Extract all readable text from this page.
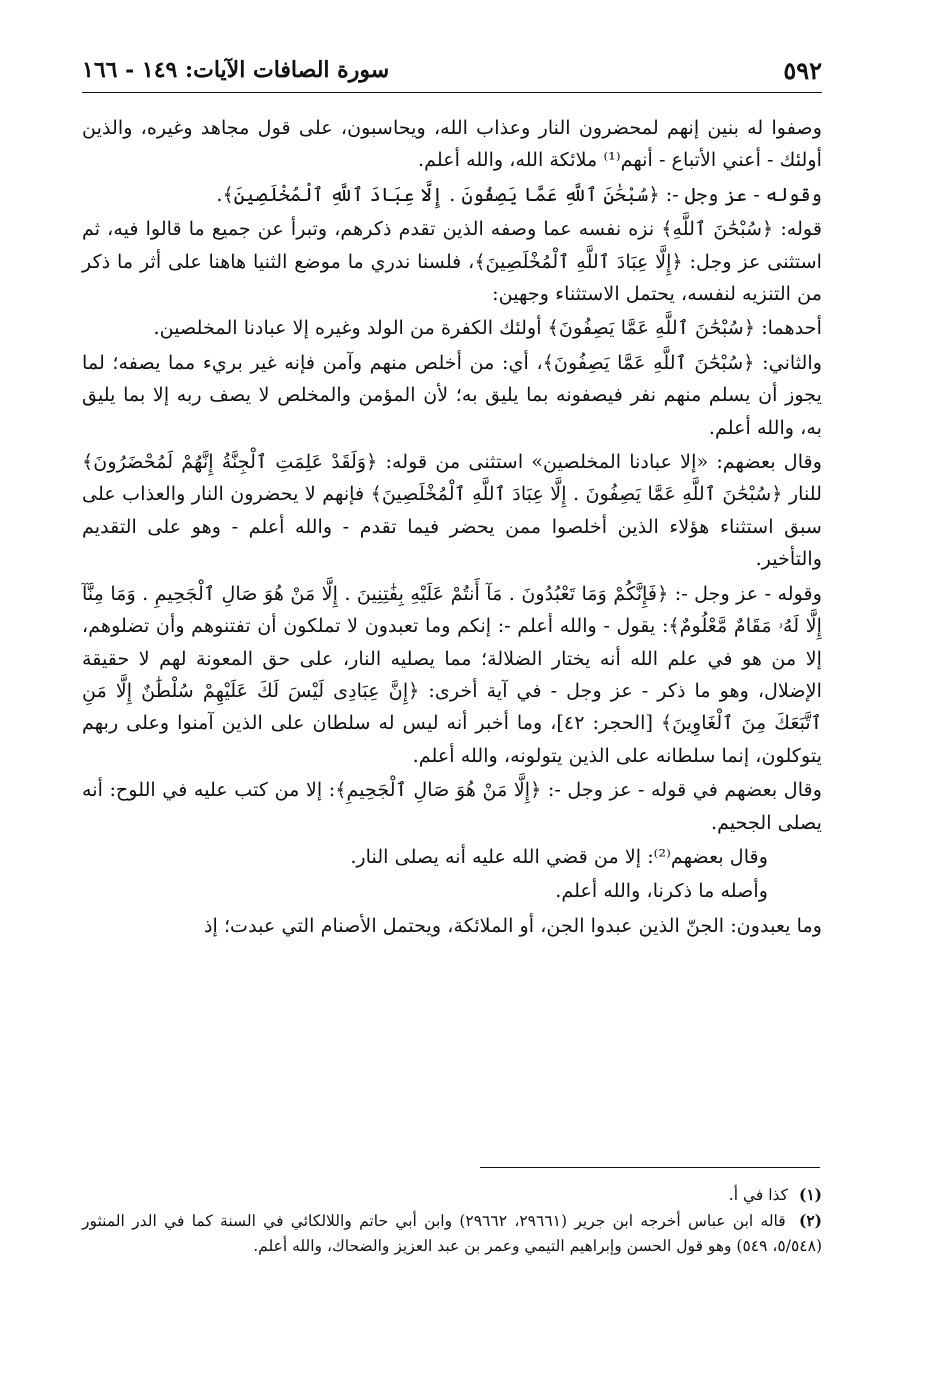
٥٩٢
سورة الصافات الآيات: ١٤٩ - ١٦٦

وصفوا له بنين إنهم لمحضرون النار وعذاب الله، ويحاسبون، على قول مجاهد وغيره، والذين أولئك - أعني الأتباع - أنهم⁽¹⁾ ملائكة الله، والله أعلم.

وقوله - عز وجل -: ﴿سُبْحَٰنَ ٱللَّهِ عَمَّا يَصِفُونَ . إِلَّا عِبَادَ ٱللَّهِ ٱلْمُخْلَصِينَ﴾.

قوله: ﴿سُبْحَٰنَ ٱللَّهِ﴾ نزه نفسه عما وصفه الذين تقدم ذكرهم، وتبرأ عن جميع ما قالوا فيه، ثم استثنى عز وجل: ﴿إِلَّا عِبَادَ ٱللَّهِ ٱلْمُخْلَصِينَ﴾، فلسنا ندري ما موضع الثنيا هاهنا على أثر ما ذكر من التنزيه لنفسه، يحتمل الاستثناء وجهين:

أحدهما: ﴿سُبْحَٰنَ ٱللَّهِ عَمَّا يَصِفُونَ﴾ أولئك الكفرة من الولد وغيره إلا عبادنا المخلصين.

والثاني: ﴿سُبْحَٰنَ ٱللَّهِ عَمَّا يَصِفُونَ﴾، أي: من أخلص منهم وآمن فإنه غير بريء مما يصفه؛ لما يجوز أن يسلم منهم نفر فيصفونه بما يليق به؛ لأن المؤمن والمخلص لا يصف ربه إلا بما يليق به، والله أعلم.

وقال بعضهم: «إلا عبادنا المخلصين» استثنى من قوله: ﴿وَلَقَدْ عَلِمَتِ ٱلْجِنَّةُ إِنَّهُمْ لَمُحْضَرُونَ﴾ للنار ﴿سُبْحَٰنَ ٱللَّهِ عَمَّا يَصِفُونَ . إِلَّا عِبَادَ ٱللَّهِ ٱلْمُخْلَصِينَ﴾ فإنهم لا يحضرون النار والعذاب على سبق استثناء هؤلاء الذين أخلصوا ممن يحضر فيما تقدم - والله أعلم - وهو على التقديم والتأخير.

وقوله - عز وجل -: ﴿فَإِنَّكُمْ وَمَا تَعْبُدُونَ . مَآ أَنتُمْ عَلَيْهِ بِفَٰتِنِينَ . إِلَّا مَنْ هُوَ صَالِ ٱلْجَحِيمِ . وَمَا مِنَّآ إِلَّا لَهُۥ مَقَامٌ مَّعْلُومٌ﴾: يقول - والله أعلم -: إنكم وما تعبدون لا تملكون أن تفتنوهم وأن تضلوهم، إلا من هو في علم الله أنه يختار الضلالة؛ مما يصليه النار، على حق المعونة لهم لا حقيقة الإضلال، وهو ما ذكر - عز وجل - في آية أخرى: ﴿إِنَّ عِبَادِى لَيْسَ لَكَ عَلَيْهِمْ سُلْطَٰنٌ إِلَّا مَنِ ٱتَّبَعَكَ مِنَ ٱلْغَاوِينَ﴾ [الحجر: ٤٢]، وما أخبر أنه ليس له سلطان على الذين آمنوا وعلى ربهم يتوكلون، إنما سلطانه على الذين يتولونه، والله أعلم.

وقال بعضهم في قوله - عز وجل -: ﴿إِلَّا مَنْ هُوَ صَالِ ٱلْجَحِيمِ﴾: إلا من كتب عليه في اللوح: أنه يصلى الجحيم.

وقال بعضهم⁽²⁾: إلا من قضي الله عليه أنه يصلى النار.

وأصله ما ذكرنا، والله أعلم.

وما يعبدون: الجنّ الذين عبدوا الجن، أو الملائكة، ويحتمل الأصنام التي عبدت؛ إذ

(١) كذا في أ.

(٢) قاله ابن عباس أخرجه ابن جرير (٢٩٦٦١، ٢٩٦٦٢) وابن أبي حاتم واللالكائي في السنة كما في الدر المنثور (٥/٥٤٨، ٥٤٩) وهو قول الحسن وإبراهيم التيمي وعمر بن عبد العزيز والضحاك، والله أعلم.
